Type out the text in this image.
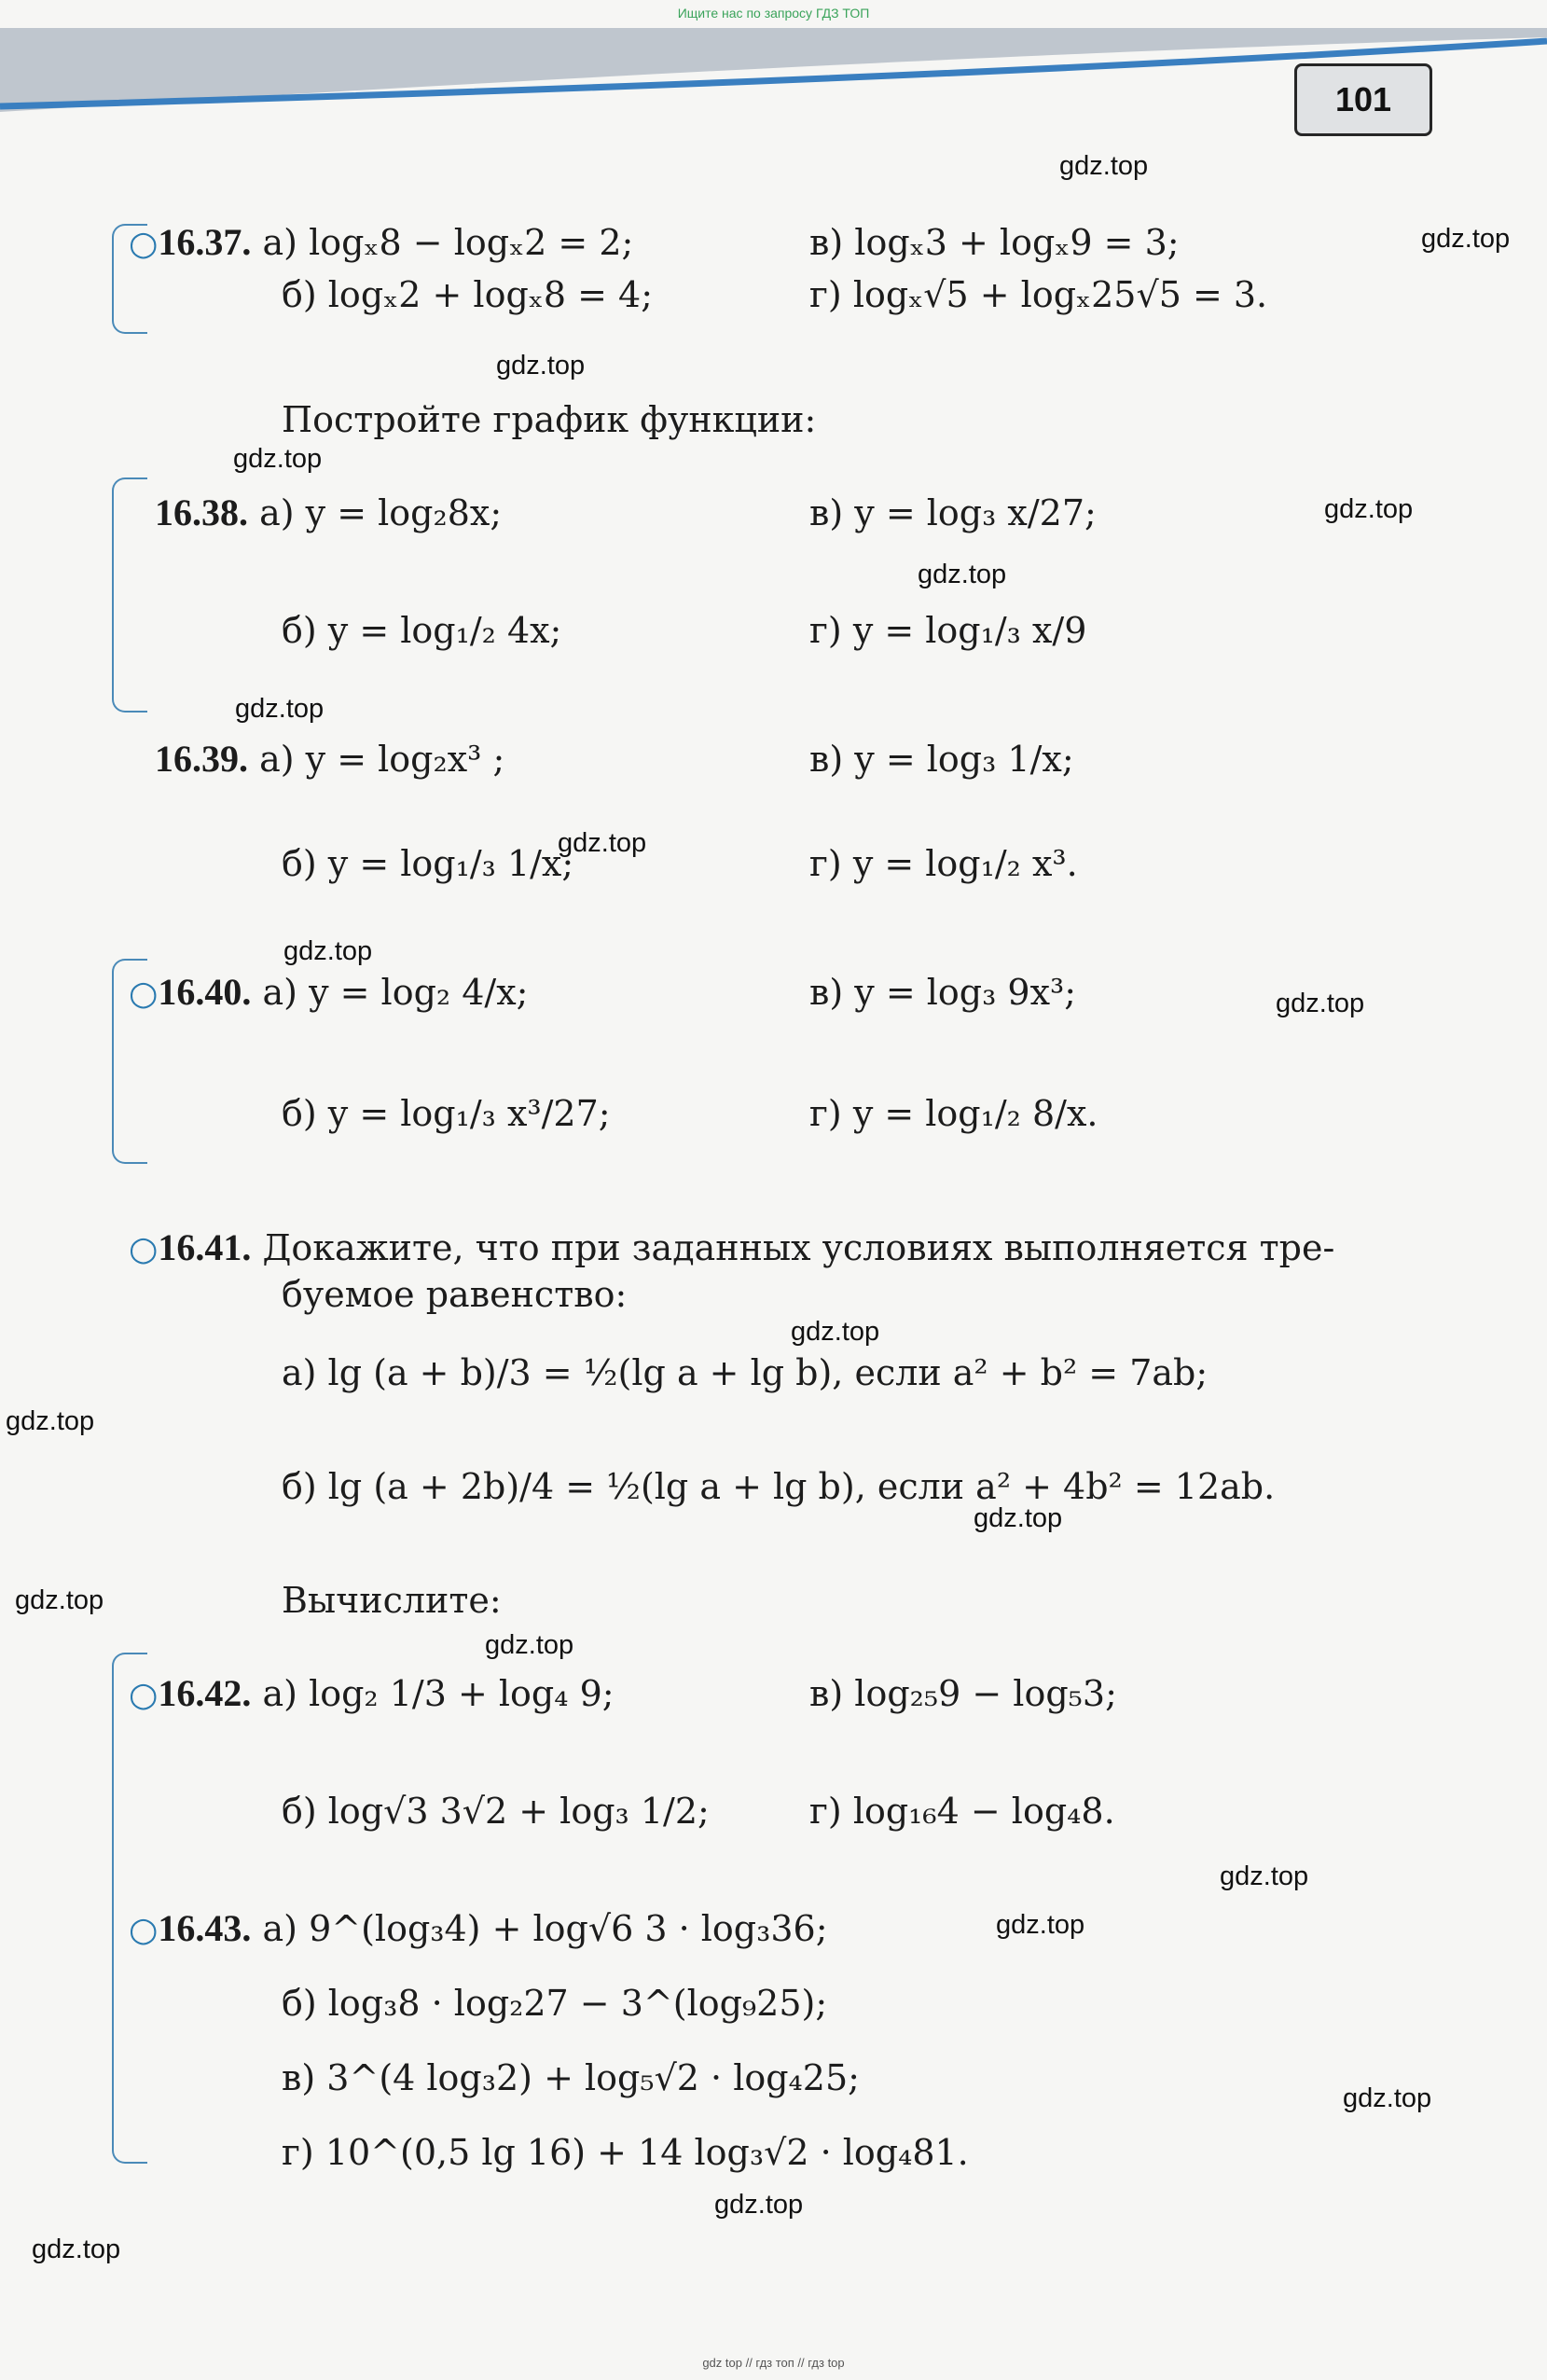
Ищите нас по запросу ГДЗ ТОП
101
○16.37. а) logₓ8 − logₓ2 = 2;	в) logₓ3 + logₓ9 = 3;
б) logₓ2 + logₓ8 = 4;	г) logₓ√5 + logₓ25√5 = 3.
Постройте график функции:
16.38. а) y = log₂8x;	в) y = log₃ x/27;
б) y = log₁/₂ 4x;	г) y = log₁/₃ x/9
16.39. а) y = log₂x³ ;	в) y = log₃ 1/x;
б) y = log₁/₃ 1/x;	г) y = log₁/₂ x³.
○16.40. а) y = log₂ 4/x;	в) y = log₃ 9x³;
б) y = log₁/₃ x³/27;	г) y = log₁/₂ 8/x.
○16.41. Докажите, что при заданных условиях выполняется тре-
буемое равенство:
а) lg (a + b)/3 = ½(lg a + lg b), если a² + b² = 7ab;
б) lg (a + 2b)/4 = ½(lg a + lg b), если a² + 4b² = 12ab.
Вычислите:
○16.42. а) log₂ 1/3 + log₄ 9;	в) log₂₅9 − log₅3;
б) log√3 3√2 + log₃ 1/2;	г) log₁₆4 − log₄8.
○16.43. а) 9^(log₃4) + log√6 3 · log₃36;
б) log₃8 · log₂27 − 3^(log₉25);
в) 3^(4 log₃2) + log₅√2 · log₄25;
г) 10^(0,5 lg 16) + 14 log₃√2 · log₄81.
gdz.top
gdz.top
gdz.top
gdz.top
gdz.top
gdz.top
gdz.top
gdz.top
gdz.top
gdz.top
gdz.top
gdz.top
gdz.top
gdz.top
gdz.top
gdz.top
gdz.top
gdz.top
gdz.top
gdz.top
gdz top // гдз топ // гдз top
